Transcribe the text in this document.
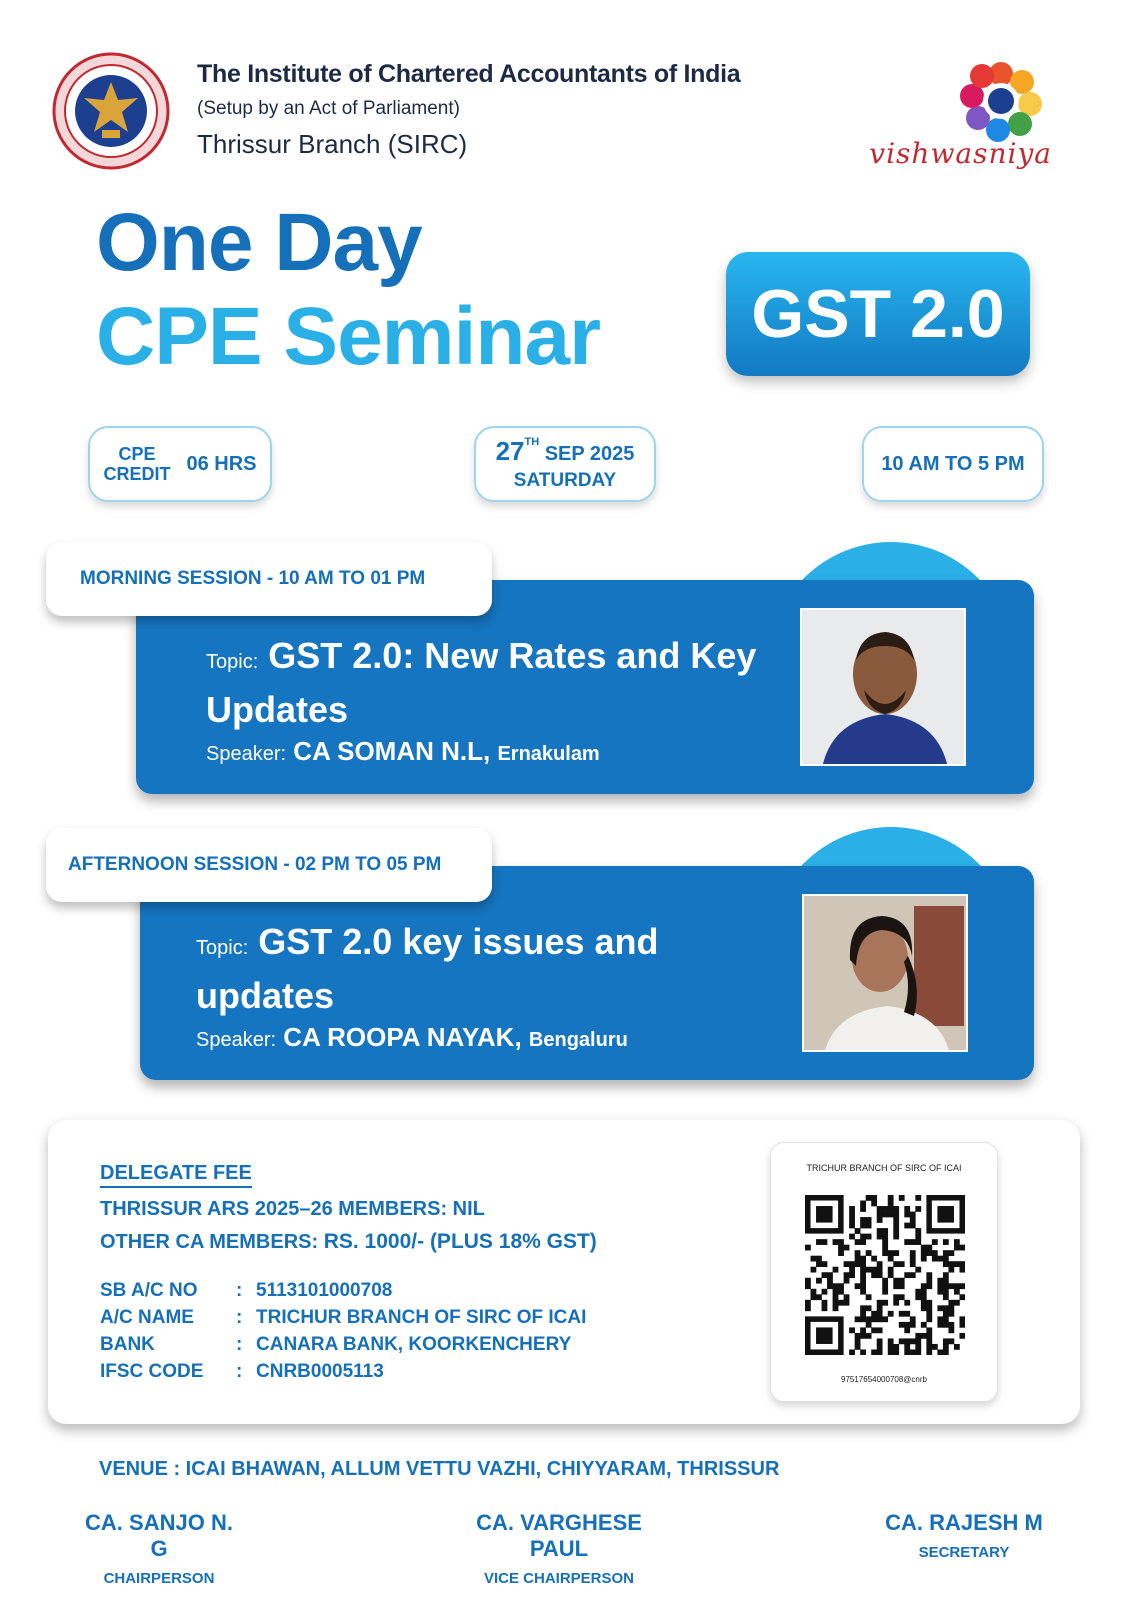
The Institute of Chartered Accountants of India
(Setup by an Act of Parliament)
Thrissur Branch (SIRC)	vishwasniya
One Day
CPE Seminar	GST 2.0
CPE
CREDIT 06 HRS	27TH SEP 2025
SATURDAY
10 AM TO 5 PM
Topic: GST 2.0: New Rates and Key Updates
Speaker: CA SOMAN N.L, Ernakulam
MORNING SESSION - 10 AM TO 01 PM
Topic: GST 2.0 key issues and updates
Speaker: CA ROOPA NAYAK, Bengaluru
AFTERNOON SESSION - 02 PM TO 05 PM
DELEGATE FEE
THRISSUR ARS 2025–26 MEMBERS: NIL
OTHER CA MEMBERS: RS. 1000/- (PLUS 18% GST)
SB A/C NO	: 5113101000708
A/C NAME	: TRICHUR BRANCH OF SIRC OF ICAI
BANK	: CANARA BANK, KOORKENCHERY
IFSC CODE	: CNRB0005113
TRICHUR BRANCH OF SIRC OF ICAI
97517654000708@cnrb
VENUE : ICAI BHAWAN, ALLUM VETTU VAZHI, CHIYYARAM, THRISSUR
CA. SANJO N. G
CHAIRPERSON
CA. VARGHESE PAUL
VICE CHAIRPERSON
CA. RAJESH M
SECRETARY
